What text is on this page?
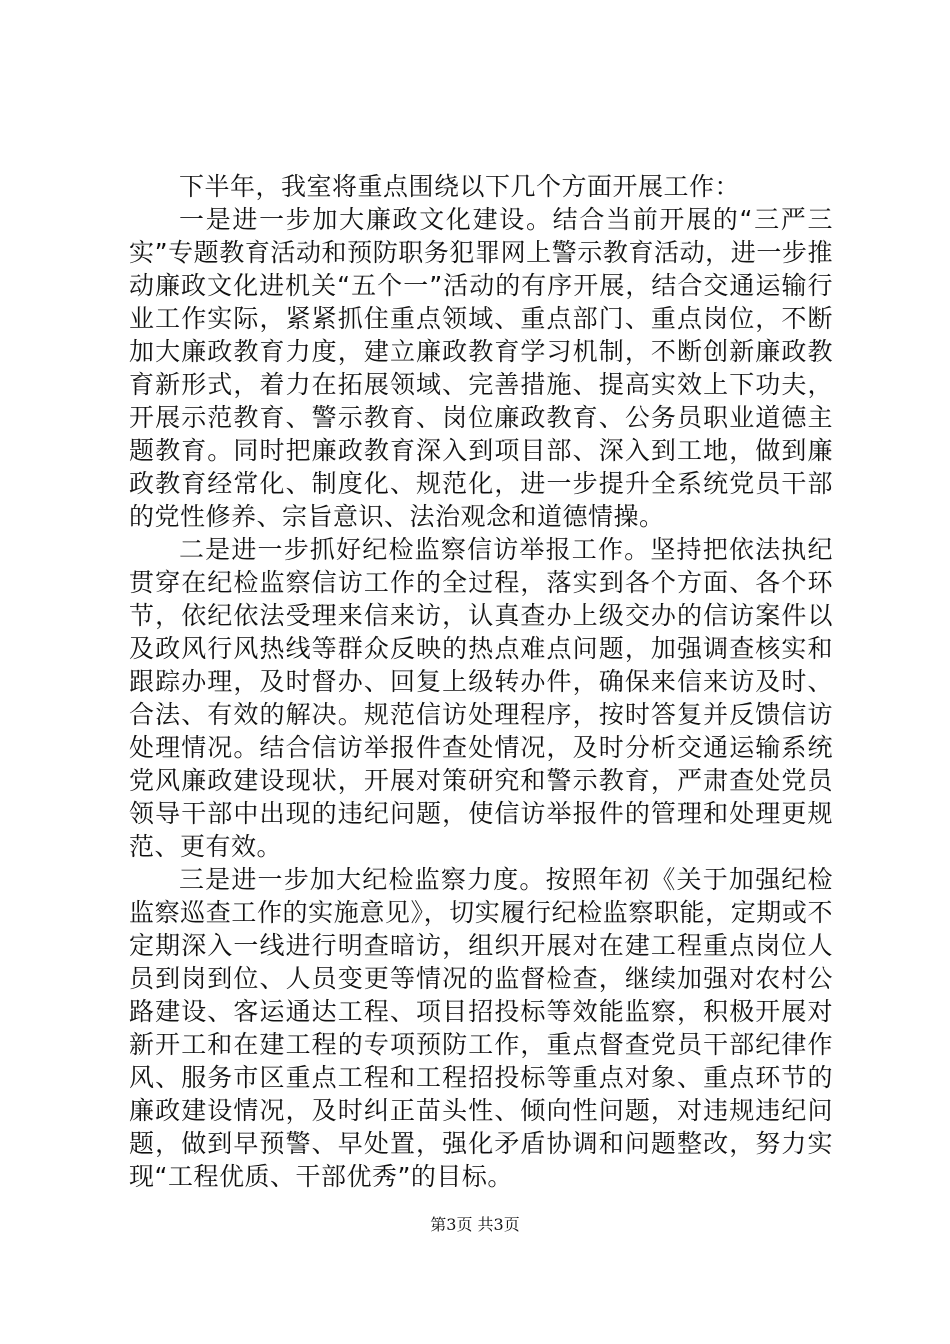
下半年，我室将重点围绕以下几个方面开展工作：

一是进一步加大廉政文化建设。结合当前开展的“三严三实”专题教育活动和预防职务犯罪网上警示教育活动，进一步推动廉政文化进机关“五个一”活动的有序开展，结合交通运输行业工作实际，紧紧抓住重点领域、重点部门、重点岗位，不断加大廉政教育力度，建立廉政教育学习机制，不断创新廉政教育新形式，着力在拓展领域、完善措施、提高实效上下功夫，开展示范教育、警示教育、岗位廉政教育、公务员职业道德主题教育。同时把廉政教育深入到项目部、深入到工地，做到廉政教育经常化、制度化、规范化，进一步提升全系统党员干部的党性修养、宗旨意识、法治观念和道德情操。

二是进一步抓好纪检监察信访举报工作。坚持把依法执纪贯穿在纪检监察信访工作的全过程，落实到各个方面、各个环节，依纪依法受理来信来访，认真查办上级交办的信访案件以及政风行风热线等群众反映的热点难点问题，加强调查核实和跟踪办理，及时督办、回复上级转办件，确保来信来访及时、合法、有效的解决。规范信访处理程序，按时答复并反馈信访处理情况。结合信访举报件查处情况，及时分析交通运输系统党风廉政建设现状，开展对策研究和警示教育，严肃查处党员领导干部中出现的违纪问题，使信访举报件的管理和处理更规范、更有效。

三是进一步加大纪检监察力度。按照年初《关于加强纪检监察巡查工作的实施意见》，切实履行纪检监察职能，定期或不定期深入一线进行明查暗访，组织开展对在建工程重点岗位人员到岗到位、人员变更等情况的监督检查，继续加强对农村公路建设、客运通达工程、项目招投标等效能监察，积极开展对新开工和在建工程的专项预防工作，重点督查党员干部纪律作风、服务市区重点工程和工程招投标等重点对象、重点环节的廉政建设情况，及时纠正苗头性、倾向性问题，对违规违纪问题，做到早预警、早处置，强化矛盾协调和问题整改，努力实现“工程优质、干部优秀”的目标。

第3页 共3页
